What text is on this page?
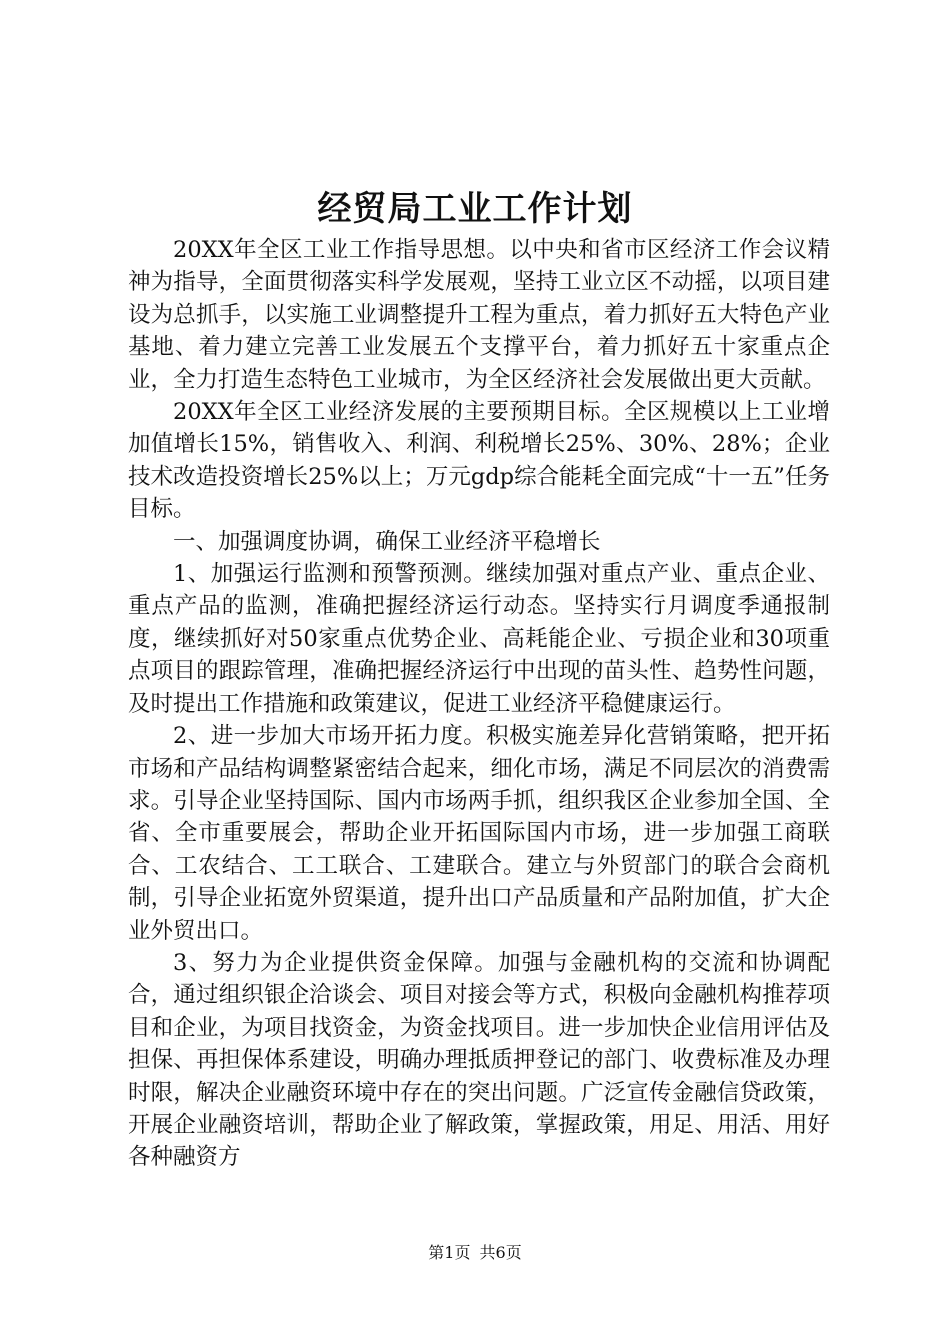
经贸局工业工作计划

20XX年全区工业工作指导思想。以中央和省市区经济工作会议精神为指导，全面贯彻落实科学发展观，坚持工业立区不动摇，以项目建设为总抓手，以实施工业调整提升工程为重点，着力抓好五大特色产业基地、着力建立完善工业发展五个支撑平台，着力抓好五十家重点企业，全力打造生态特色工业城市，为全区经济社会发展做出更大贡献。

20XX年全区工业经济发展的主要预期目标。全区规模以上工业增加值增长15%，销售收入、利润、利税增长25%、30%、28%；企业技术改造投资增长25%以上；万元gdp综合能耗全面完成“十一五”任务目标。

一、加强调度协调，确保工业经济平稳增长

1、加强运行监测和预警预测。继续加强对重点产业、重点企业、重点产品的监测，准确把握经济运行动态。坚持实行月调度季通报制度，继续抓好对50家重点优势企业、高耗能企业、亏损企业和30项重点项目的跟踪管理，准确把握经济运行中出现的苗头性、趋势性问题，及时提出工作措施和政策建议，促进工业经济平稳健康运行。

2、进一步加大市场开拓力度。积极实施差异化营销策略，把开拓市场和产品结构调整紧密结合起来，细化市场，满足不同层次的消费需求。引导企业坚持国际、国内市场两手抓，组织我区企业参加全国、全省、全市重要展会，帮助企业开拓国际国内市场，进一步加强工商联合、工农结合、工工联合、工建联合。建立与外贸部门的联合会商机制，引导企业拓宽外贸渠道，提升出口产品质量和产品附加值，扩大企业外贸出口。

3、努力为企业提供资金保障。加强与金融机构的交流和协调配合，通过组织银企洽谈会、项目对接会等方式，积极向金融机构推荐项目和企业，为项目找资金，为资金找项目。进一步加快企业信用评估及担保、再担保体系建设，明确办理抵质押登记的部门、收费标准及办理时限，解决企业融资环境中存在的突出问题。广泛宣传金融信贷政策，开展企业融资培训，帮助企业了解政策，掌握政策，用足、用活、用好各种融资方

第1页 共6页
